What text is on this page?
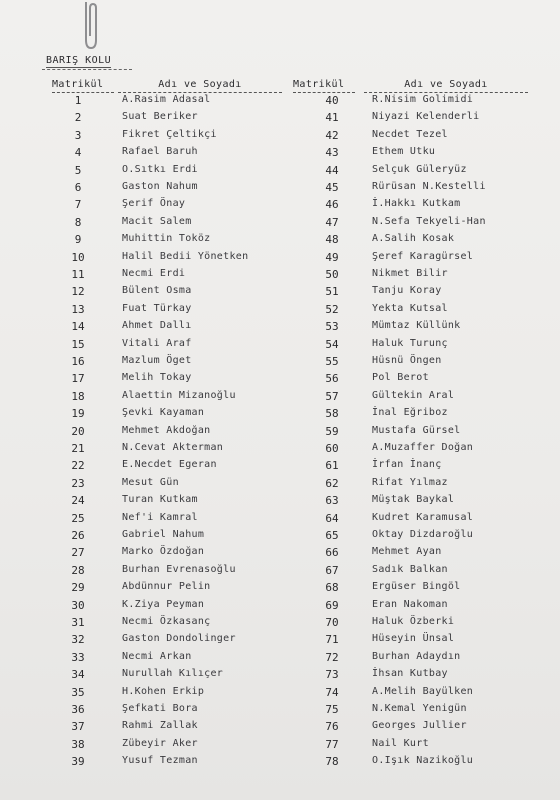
BARIŞ KOLU
Matrikül	Adı ve Soyadı	Matrikül	Adı ve Soyadı
1	A.Rasim Adasal
2	Suat Beriker
3	Fikret Çeltikçi
4	Rafael Baruh
5	O.Sıtkı Erdi
6	Gaston Nahum
7	Şerif Önay
8	Macit Salem
9	Muhittin Toköz
10	Halil Bedii Yönetken
11	Necmi Erdi
12	Bülent Osma
13	Fuat Türkay
14	Ahmet Dallı
15	Vitali Araf
16	Mazlum Öget
17	Melih Tokay
18	Alaettin Mizanoğlu
19	Şevki Kayaman
20	Mehmet Akdoğan
21	N.Cevat Akterman
22	E.Necdet Egeran
23	Mesut Gün
24	Turan Kutkam
25	Nef'i Kamral
26	Gabriel Nahum
27	Marko Özdoğan
28	Burhan Evrenasoğlu
29	Abdünnur Pelin
30	K.Ziya Peyman
31	Necmi Özkasanç
32	Gaston Dondolinger
33	Necmi Arkan
34	Nurullah Kılıçer
35	H.Kohen Erkip
36	Şefkati Bora
37	Rahmi Zallak
38	Zübeyir Aker
39	Yusuf Tezman
40	R.Nisim Golimidi
41	Niyazi Kelenderli
42	Necdet Tezel
43	Ethem Utku
44	Selçuk Güleryüz
45	Rürüsan N.Kestelli
46	İ.Hakkı Kutkam
47	N.Sefa Tekyeli-Han
48	A.Salih Kosak
49	Şeref Karagürsel
50	Nikmet Bilir
51	Tanju Koray
52	Yekta Kutsal
53	Mümtaz Küllünk
54	Haluk Turunç
55	Hüsnü Öngen
56	Pol Berot
57	Gültekin Aral
58	İnal Eğriboz
59	Mustafa Gürsel
60	A.Muzaffer Doğan
61	İrfan İnanç
62	Rifat Yılmaz
63	Müştak Baykal
64	Kudret Karamusal
65	Oktay Dizdaroğlu
66	Mehmet Ayan
67	Sadık Balkan
68	Ergüser Bingöl
69	Eran Nakoman
70	Haluk Özberki
71	Hüseyin Ünsal
72	Burhan Adaydın
73	İhsan Kutbay
74	A.Melih Bayülken
75	N.Kemal Yenigün
76	Georges Jullier
77	Nail Kurt
78	O.Işık Nazikoğlu
